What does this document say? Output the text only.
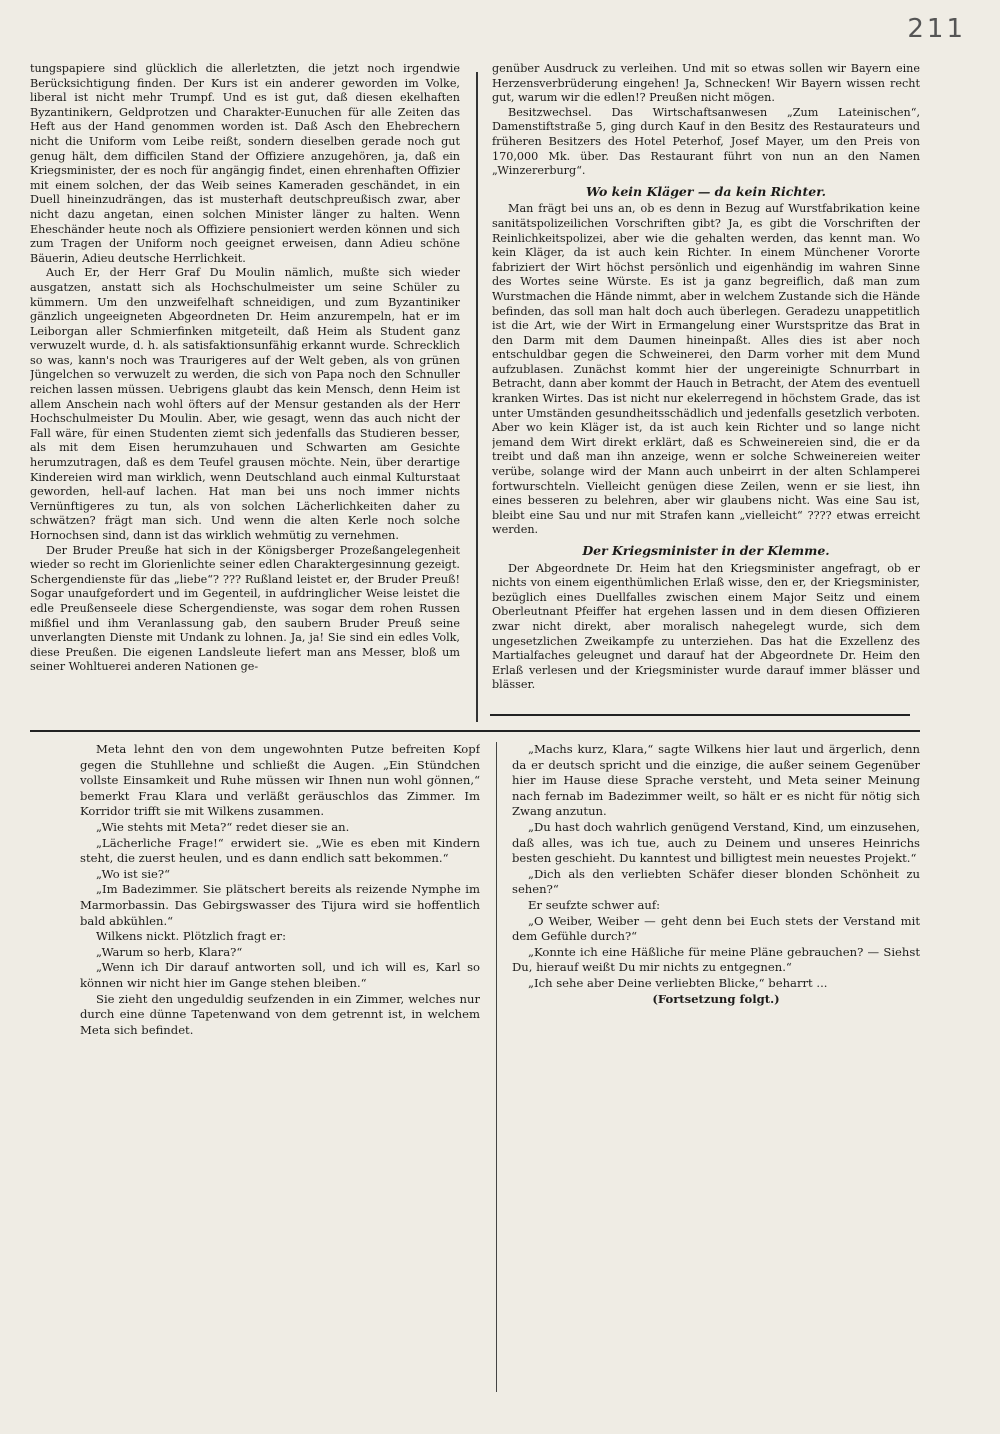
211

tungspapiere sind glücklich die allerletzten, die jetzt noch irgendwie Berücksichtigung finden. Der Kurs ist ein anderer geworden im Volke, liberal ist nicht mehr Trumpf. Und es ist gut, daß diesen ekelhaften Byzantinikern, Geldprotzen und Charakter-Eunuchen für alle Zeiten das Heft aus der Hand genommen worden ist. Daß Asch den Ehebrechern nicht die Uniform vom Leibe reißt, sondern dieselben gerade noch gut genug hält, dem difficilen Stand der Offiziere anzugehören, ja, daß ein Kriegsminister, der es noch für angängig findet, einen ehrenhaften Offizier mit einem solchen, der das Weib seines Kameraden geschändet, in ein Duell hineinzudrängen, das ist musterhaft deutschpreußisch zwar, aber nicht dazu angetan, einen solchen Minister länger zu halten. Wenn Eheschänder heute noch als Offiziere pensioniert werden können und sich zum Tragen der Uniform noch geeignet erweisen, dann Adieu schöne Bäuerin, Adieu deutsche Herrlichkeit.

Auch Er, der Herr Graf Du Moulin nämlich, mußte sich wieder ausgatzen, anstatt sich als Hochschulmeister um seine Schüler zu kümmern. Um den unzweifelhaft schneidigen, und zum Byzantiniker gänzlich ungeeigneten Abgeordneten Dr. Heim anzurempeln, hat er im Leiborgan aller Schmierfinken mitgeteilt, daß Heim als Student ganz verwuzelt wurde, d. h. als satisfaktionsunfähig erkannt wurde. Schrecklich so was, kann's noch was Traurigeres auf der Welt geben, als von grünen Jüngelchen so verwuzelt zu werden, die sich von Papa noch den Schnuller reichen lassen müssen. Uebrigens glaubt das kein Mensch, denn Heim ist allem Anschein nach wohl öfters auf der Mensur gestanden als der Herr Hochschulmeister Du Moulin. Aber, wie gesagt, wenn das auch nicht der Fall wäre, für einen Studenten ziemt sich jedenfalls das Studieren besser, als mit dem Eisen herumzuhauen und Schwarten am Gesichte herumzutragen, daß es dem Teufel grausen möchte. Nein, über derartige Kindereien wird man wirklich, wenn Deutschland auch einmal Kulturstaat geworden, hell-auf lachen. Hat man bei uns noch immer nichts Vernünftigeres zu tun, als von solchen Lächerlichkeiten daher zu schwätzen? frägt man sich. Und wenn die alten Kerle noch solche Hornochsen sind, dann ist das wirklich wehmütig zu vernehmen.

Der Bruder Preuße hat sich in der Königsberger Prozeßangelegenheit wieder so recht im Glorienlichte seiner edlen Charaktergesinnung gezeigt. Schergendienste für das „liebe“? ??? Rußland leistet er, der Bruder Preuß! Sogar unaufgefordert und im Gegenteil, in aufdringlicher Weise leistet die edle Preußenseele diese Schergendienste, was sogar dem rohen Russen mißfiel und ihm Veranlassung gab, den saubern Bruder Preuß seine unverlangten Dienste mit Undank zu lohnen. Ja, ja! Sie sind ein edles Volk, diese Preußen. Die eigenen Landsleute liefert man ans Messer, bloß um seiner Wohltuerei anderen Nationen ge-

genüber Ausdruck zu verleihen. Und mit so etwas sollen wir Bayern eine Herzensverbrüderung eingehen! Ja, Schnecken! Wir Bayern wissen recht gut, warum wir die edlen!? Preußen nicht mögen.

Besitzwechsel. Das Wirtschaftsanwesen „Zum Lateinischen“, Damenstiftstraße 5, ging durch Kauf in den Besitz des Restaurateurs und früheren Besitzers des Hotel Peterhof, Josef Mayer, um den Preis von 170,000 Mk. über. Das Restaurant führt von nun an den Namen „Winzererburg“.

Wo kein Kläger — da kein Richter.

Man frägt bei uns an, ob es denn in Bezug auf Wurstfabrikation keine sanitätspolizeilichen Vorschriften gibt? Ja, es gibt die Vorschriften der Reinlichkeitspolizei, aber wie die gehalten werden, das kennt man. Wo kein Kläger, da ist auch kein Richter. In einem Münchener Vororte fabriziert der Wirt höchst persönlich und eigenhändig im wahren Sinne des Wortes seine Würste. Es ist ja ganz begreiflich, daß man zum Wurstmachen die Hände nimmt, aber in welchem Zustande sich die Hände befinden, das soll man halt doch auch überlegen. Geradezu unappetitlich ist die Art, wie der Wirt in Ermangelung einer Wurstspritze das Brat in den Darm mit dem Daumen hineinpaßt. Alles dies ist aber noch entschuldbar gegen die Schweinerei, den Darm vorher mit dem Mund aufzublasen. Zunächst kommt hier der ungereinigte Schnurrbart in Betracht, dann aber kommt der Hauch in Betracht, der Atem des eventuell kranken Wirtes. Das ist nicht nur ekelerregend in höchstem Grade, das ist unter Umständen gesundheitsschädlich und jedenfalls gesetzlich verboten. Aber wo kein Kläger ist, da ist auch kein Richter und so lange nicht jemand dem Wirt direkt erklärt, daß es Schweinereien sind, die er da treibt und daß man ihn anzeige, wenn er solche Schweinereien weiter verübe, solange wird der Mann auch unbeirrt in der alten Schlamperei fortwurschteln. Vielleicht genügen diese Zeilen, wenn er sie liest, ihn eines besseren zu belehren, aber wir glaubens nicht. Was eine Sau ist, bleibt eine Sau und nur mit Strafen kann „vielleicht“ ???? etwas erreicht werden.

Der Kriegsminister in der Klemme.

Der Abgeordnete Dr. Heim hat den Kriegsminister angefragt, ob er nichts von einem eigenthümlichen Erlaß wisse, den er, der Kriegsminister, bezüglich eines Duellfalles zwischen einem Major Seitz und einem Oberleutnant Pfeiffer hat ergehen lassen und in dem diesen Offizieren zwar nicht direkt, aber moralisch nahegelegt wurde, sich dem ungesetzlichen Zweikampfe zu unterziehen. Das hat die Exzellenz des Martialfaches geleugnet und darauf hat der Abgeordnete Dr. Heim den Erlaß verlesen und der Kriegsminister wurde darauf immer blässer und blässer.

Meta lehnt den von dem ungewohnten Putze befreiten Kopf gegen die Stuhllehne und schließt die Augen. „Ein Stündchen vollste Einsamkeit und Ruhe müssen wir Ihnen nun wohl gönnen,“ bemerkt Frau Klara und verläßt geräuschlos das Zimmer. Im Korridor trifft sie mit Wilkens zusammen.

„Wie stehts mit Meta?“ redet dieser sie an.

„Lächerliche Frage!“ erwidert sie. „Wie es eben mit Kindern steht, die zuerst heulen, und es dann endlich satt bekommen.“

„Wo ist sie?“

„Im Badezimmer. Sie plätschert bereits als reizende Nymphe im Marmorbassin. Das Gebirgswasser des Tijura wird sie hoffentlich bald abkühlen.“

Wilkens nickt. Plötzlich fragt er:

„Warum so herb, Klara?“

„Wenn ich Dir darauf antworten soll, und ich will es, Karl so können wir nicht hier im Gange stehen bleiben.“

Sie zieht den ungeduldig seufzenden in ein Zimmer, welches nur durch eine dünne Tapetenwand von dem getrennt ist, in welchem Meta sich befindet.

„Machs kurz, Klara,“ sagte Wilkens hier laut und ärgerlich, denn da er deutsch spricht und die einzige, die außer seinem Gegenüber hier im Hause diese Sprache versteht, und Meta seiner Meinung nach fernab im Badezimmer weilt, so hält er es nicht für nötig sich Zwang anzutun.

„Du hast doch wahrlich genügend Verstand, Kind, um einzusehen, daß alles, was ich tue, auch zu Deinem und unseres Heinrichs besten geschieht. Du kanntest und billigtest mein neuestes Projekt.“

„Dich als den verliebten Schäfer dieser blonden Schönheit zu sehen?“

Er seufzte schwer auf:

„O Weiber, Weiber — geht denn bei Euch stets der Verstand mit dem Gefühle durch?“

„Konnte ich eine Häßliche für meine Pläne gebrauchen? — Siehst Du, hierauf weißt Du mir nichts zu entgegnen.“

„Ich sehe aber Deine verliebten Blicke,“ beharrt ...

(Fortsetzung folgt.)
